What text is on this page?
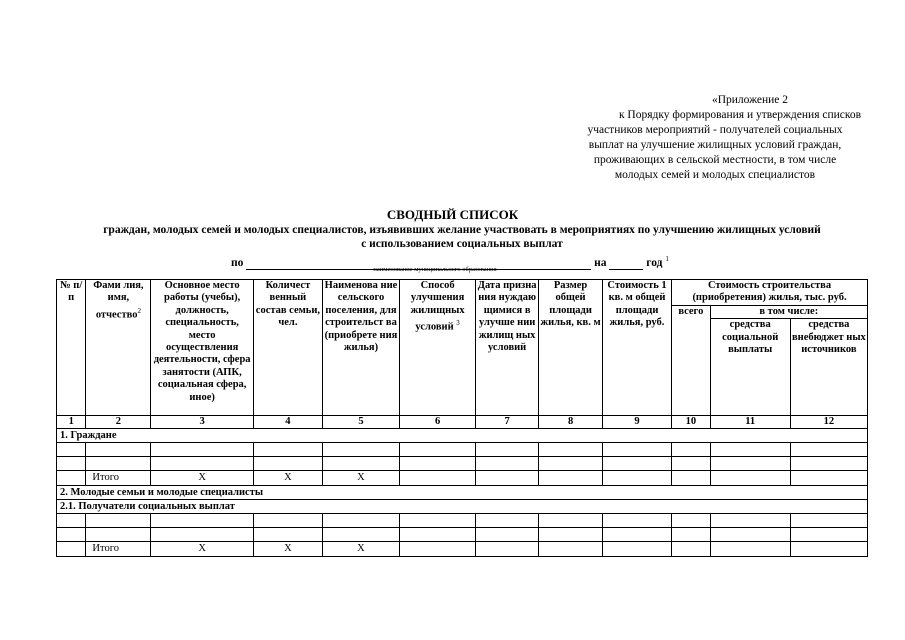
«Приложение 2
к Порядку формирования и утверждения списков
участников мероприятий - получателей социальных
выплат на улучшение жилищных условий граждан,
проживающих в сельской местности, в том числе
молодых семей и молодых специалистов
СВОДНЫЙ СПИСОК
граждан, молодых семей и молодых специалистов, изъявивших желание участвовать в мероприятиях по улучшению жилищных условий
с использованием социальных выплат
по	на	год $^1$
наименование муниципального образования
№ п/п	Фами лия, имя, отчество$^2$	Основное место работы (учебы), должность, специальность, место осуществления деятельности, сфера занятости (АПК, социальная сфера, иное)	Количест венный состав семьи, чел.	Наименова ние сельского поселения, для строительст ва (приобрете ния жилья)	Способ улучшения жилищных условий $^3$	Дата призна ния нуждаю щимися в улучше нии жилищ ных условий	Размер общей площади жилья, кв. м	Стоимость 1 кв. м общей площади жилья, руб.	Стоимость строительства (приобретения) жилья, тыс. руб.		
									всего	в том числе:	
										средства социальной выплаты	средства внебюджет ных источников
1	2	3	4	5	6	7	8	9	10	11	12
1. Граждане											

	Итого	X	X	X							
2. Молодые семьи и молодые специалисты											
2.1. Получатели социальных выплат											

	Итого	X	X	X							
